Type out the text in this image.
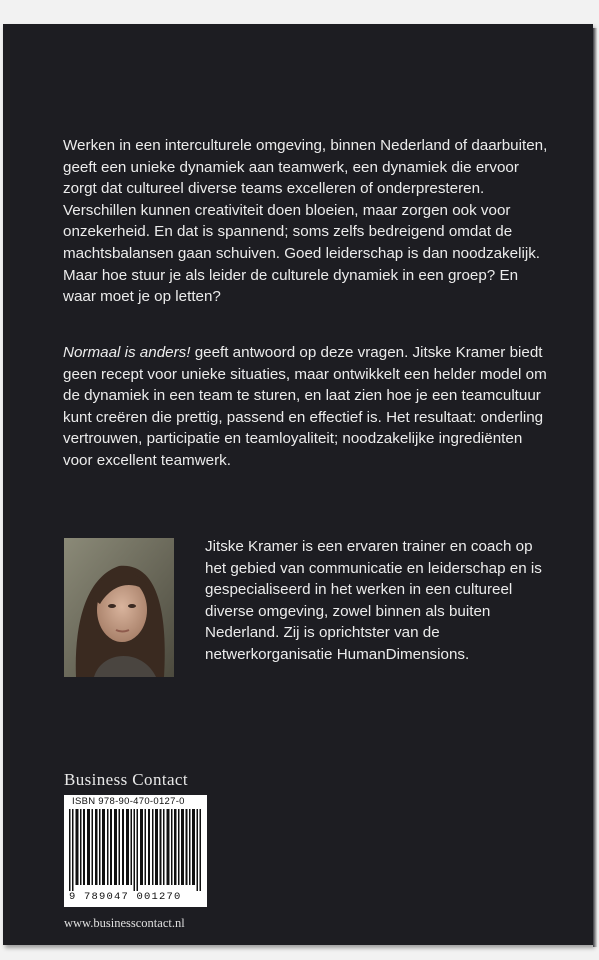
Werken in een interculturele omgeving, binnen Nederland of daarbuiten, geeft een unieke dynamiek aan teamwerk, een dynamiek die ervoor zorgt dat cultureel diverse teams excelleren of onderpresteren. Verschillen kunnen creativiteit doen bloeien, maar zorgen ook voor onzekerheid. En dat is spannend; soms zelfs bedreigend omdat de machtsbalansen gaan schuiven. Goed leiderschap is dan noodzakelijk. Maar hoe stuur je als leider de culturele dynamiek in een groep? En waar moet je op letten?

Normaal is anders! geeft antwoord op deze vragen. Jitske Kramer biedt geen recept voor unieke situaties, maar ontwikkelt een helder model om de dynamiek in een team te sturen, en laat zien hoe je een teamcultuur kunt creëren die prettig, passend en effectief is. Het resultaat: onderling vertrouwen, participatie en teamloyaliteit; noodzakelijke ingrediënten voor excellent teamwerk.

Jitske Kramer is een ervaren trainer en coach op het gebied van communicatie en leiderschap en is gespecialiseerd in het werken in een cultureel diverse omgeving, zowel binnen als buiten Nederland. Zij is oprichtster van de netwerkorganisatie HumanDimensions.

Business Contact
ISBN 978-90-470-0127-0
9 789047 001270
www.businesscontact.nl
